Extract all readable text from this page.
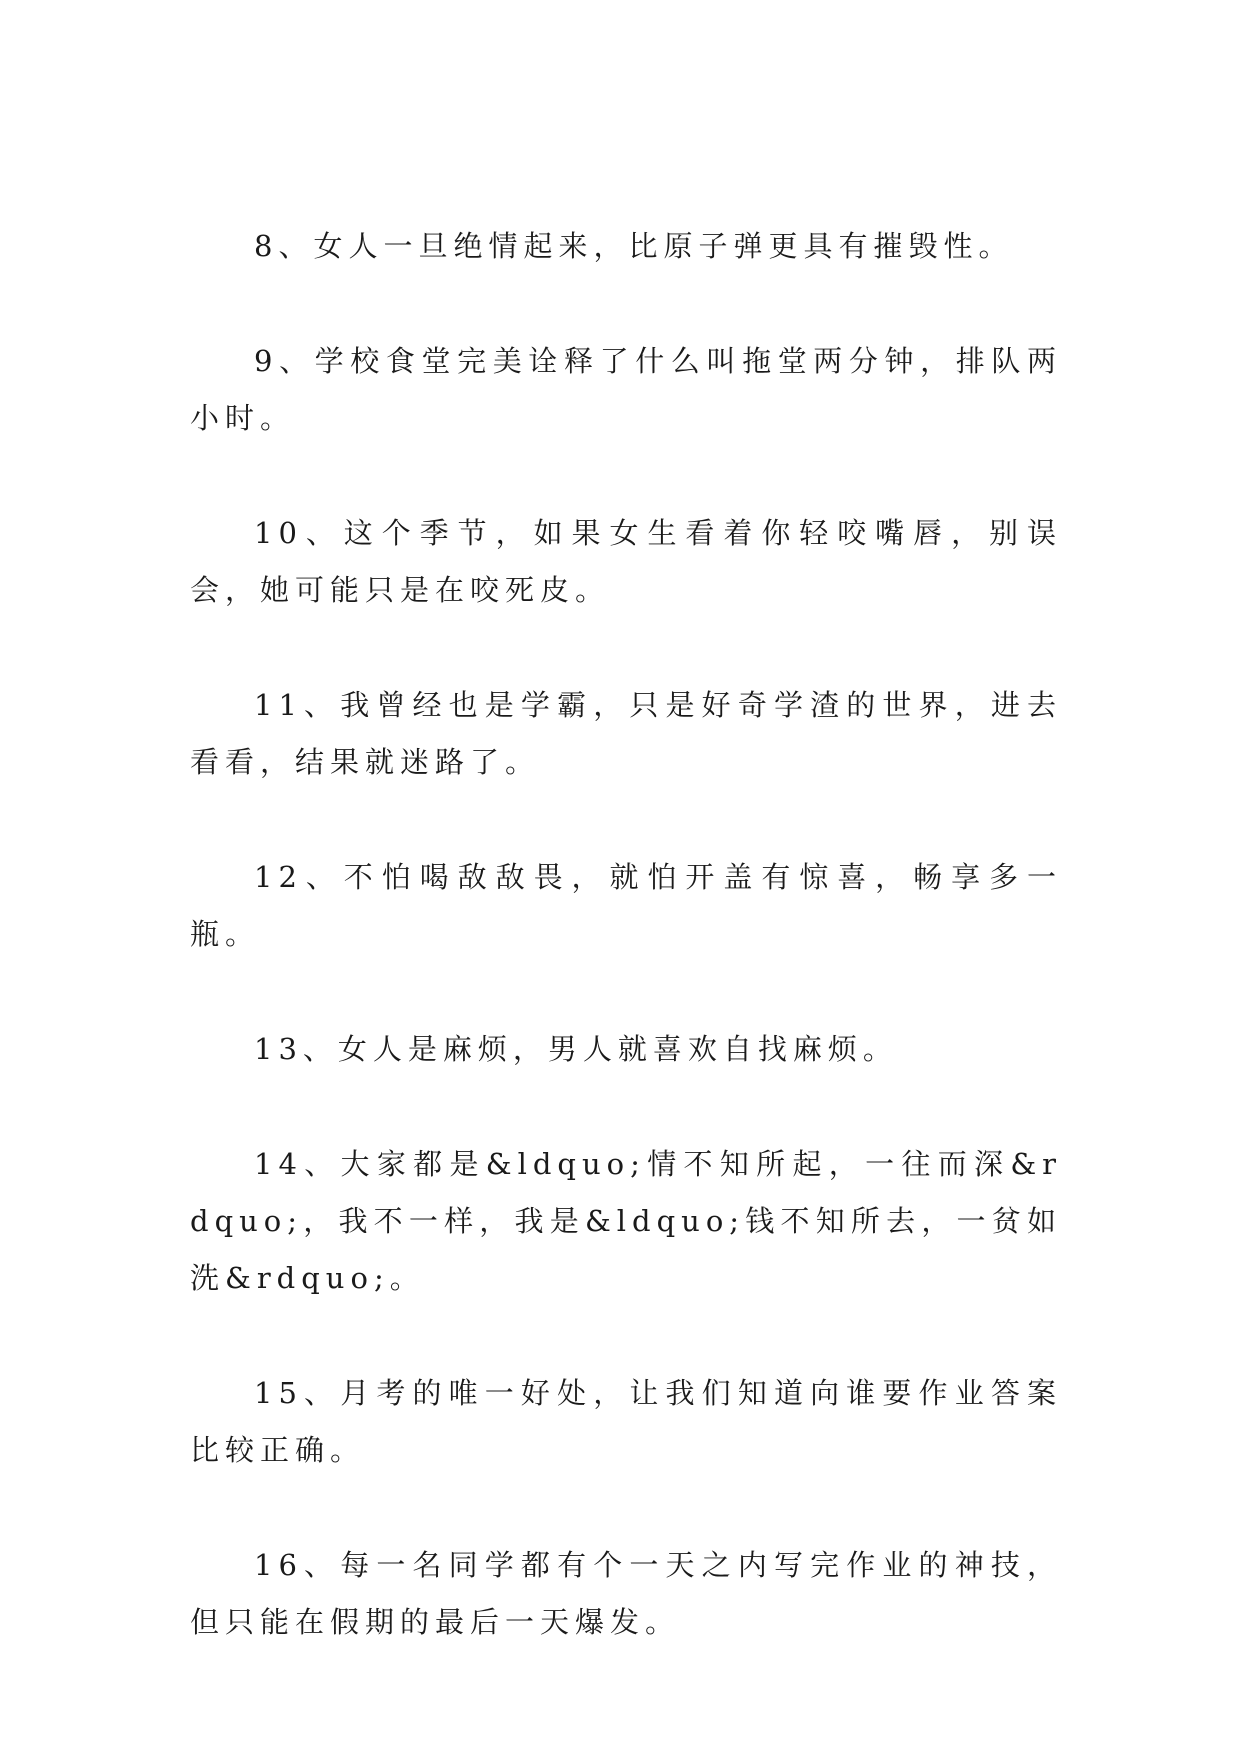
8、女人一旦绝情起来，比原子弹更具有摧毁性。

9、学校食堂完美诠释了什么叫拖堂两分钟，排队两小时。

10、这个季节，如果女生看着你轻咬嘴唇，别误会，她可能只是在咬死皮。

11、我曾经也是学霸，只是好奇学渣的世界，进去看看，结果就迷路了。

12、不怕喝敌敌畏，就怕开盖有惊喜，畅享多一瓶。

13、女人是麻烦，男人就喜欢自找麻烦。

14、大家都是&ldquo;情不知所起，一往而深&rdquo;，我不一样，我是&ldquo;钱不知所去，一贫如洗&rdquo;。

15、月考的唯一好处，让我们知道向谁要作业答案比较正确。

16、每一名同学都有个一天之内写完作业的神技，但只能在假期的最后一天爆发。
